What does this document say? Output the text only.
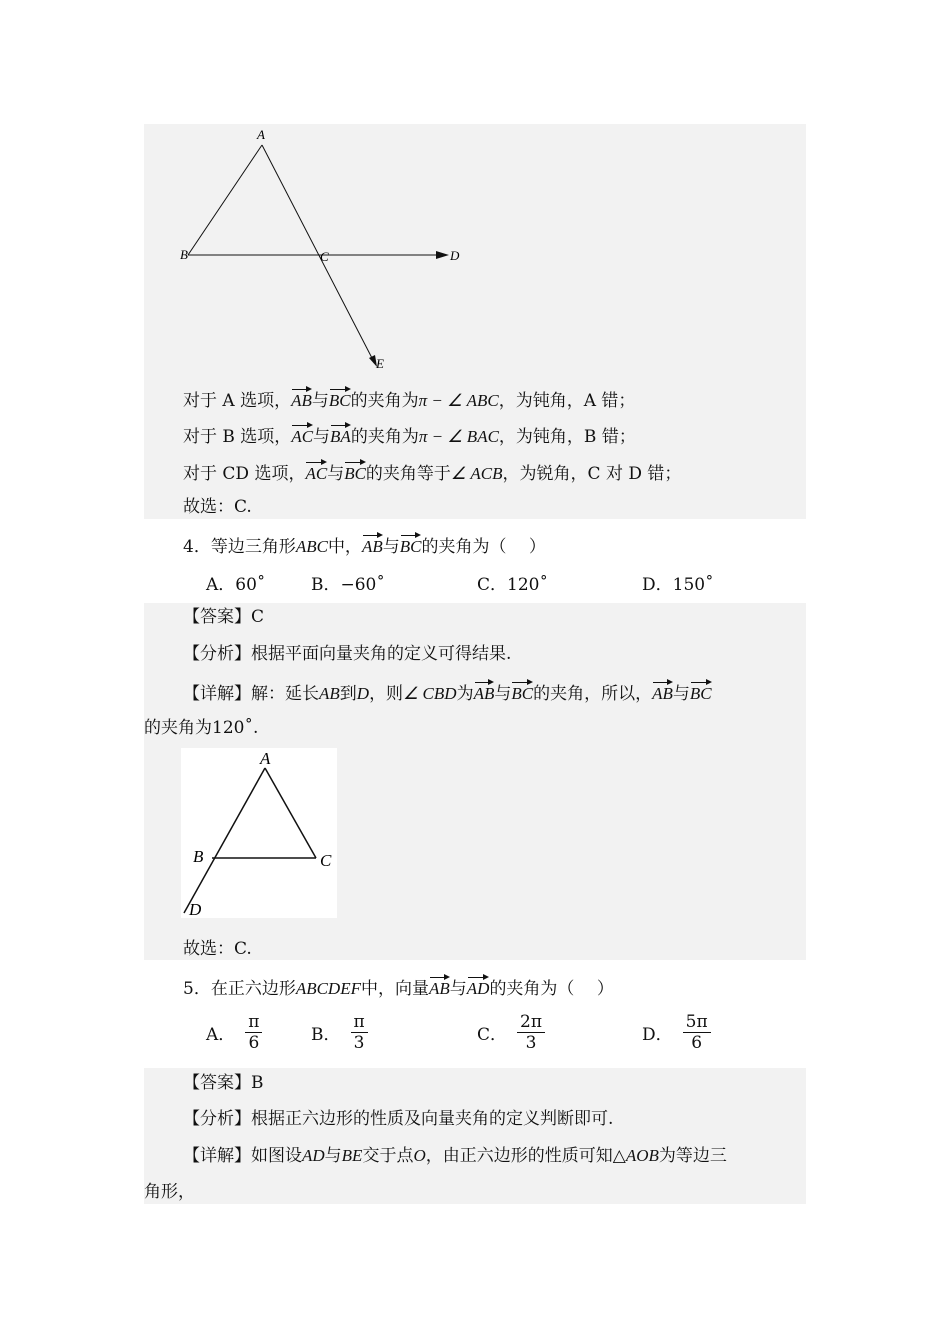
A
B	C	D
E
对于 A 选项，AB与BC的夹角为π − ∠ ABC，为钝角，A 错；
对于 B 选项，AC与BA的夹角为π − ∠ BAC，为钝角，B 错；
对于 CD 选项，AC与BC的夹角等于∠ ACB，为锐角，C 对 D 错；
故选：C.
4．等边三角形ABC中，AB与BC的夹角为（　 ）
A．60˚	B．−60˚	C．120˚	D．150˚
【答案】C
【分析】根据平面向量夹角的定义可得结果.
【详解】解：延长AB到D，则∠ CBD为AB与BC的夹角，所以，AB与BC
的夹角为120˚.
A
B	C
D
故选：C.
5．在正六边形ABCDEF中，向量AB与AD的夹角为（　 ）
A． $\frac{\pi}{6}$	B． $\frac{\pi}{3}$	C． $\frac{2\pi}{3}$	D． $\frac{5\pi}{6}$
【答案】B
【分析】根据正六边形的性质及向量夹角的定义判断即可.
【详解】如图设AD与BE交于点O，由正六边形的性质可知△AOB为等边三
角形，
